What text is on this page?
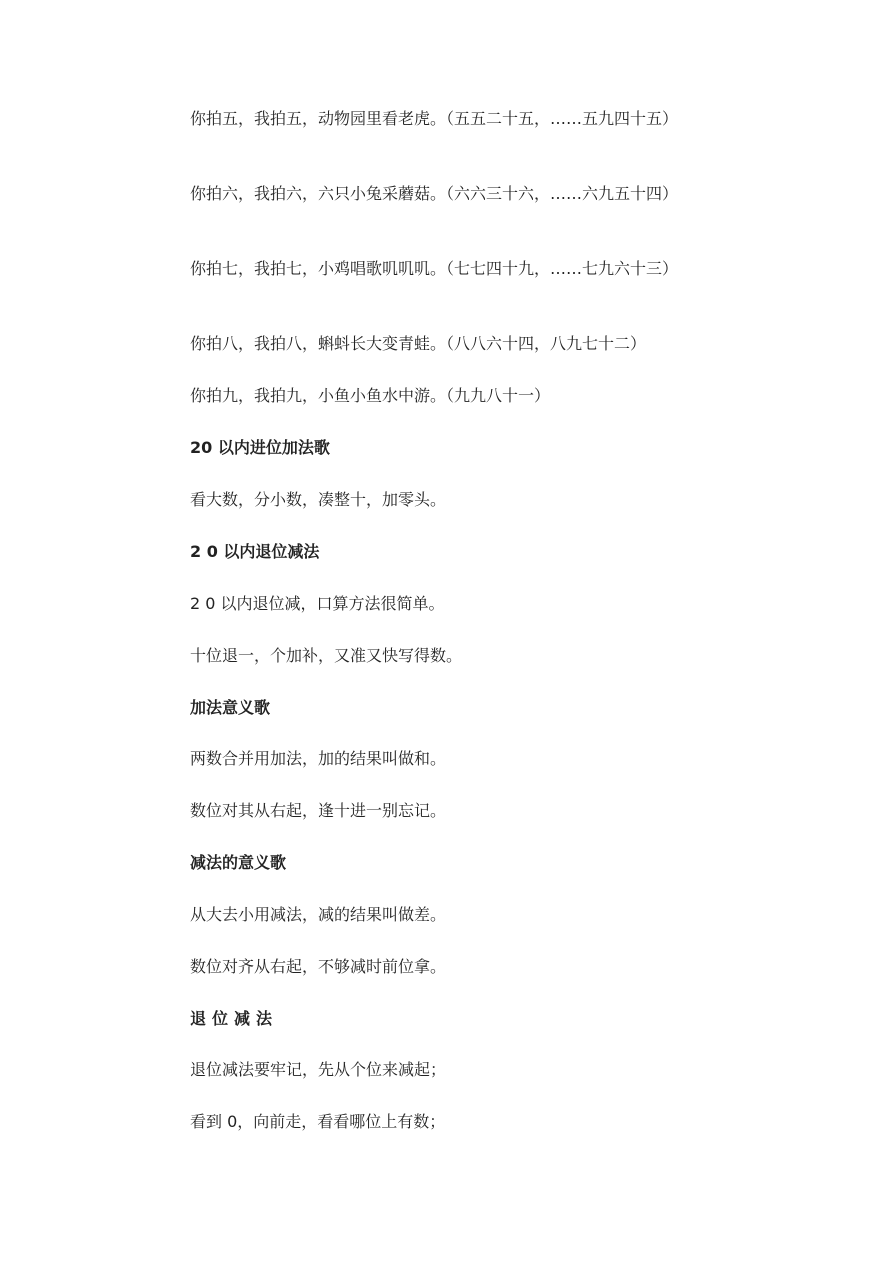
你拍五，我拍五，动物园里看老虎。（五五二十五，……五九四十五）
你拍六，我拍六，六只小兔采蘑菇。（六六三十六，……六九五十四）
你拍七，我拍七，小鸡唱歌叽叽叽。（七七四十九，……七九六十三）
你拍八，我拍八，蝌蚪长大变青蛙。（八八六十四，八九七十二）
你拍九，我拍九，小鱼小鱼水中游。（九九八十一）
20 以内进位加法歌
看大数，分小数，凑整十，加零头。
2 0 以内退位减法
2 0 以内退位减，口算方法很简单。
十位退一，个加补，又准又快写得数。
加法意义歌
两数合并用加法，加的结果叫做和。
数位对其从右起，逢十进一别忘记。
减法的意义歌
从大去小用减法，减的结果叫做差。
数位对齐从右起，不够减时前位拿。
退位减法
退位减法要牢记，先从个位来减起；
看到 0，向前走，看看哪位上有数；
